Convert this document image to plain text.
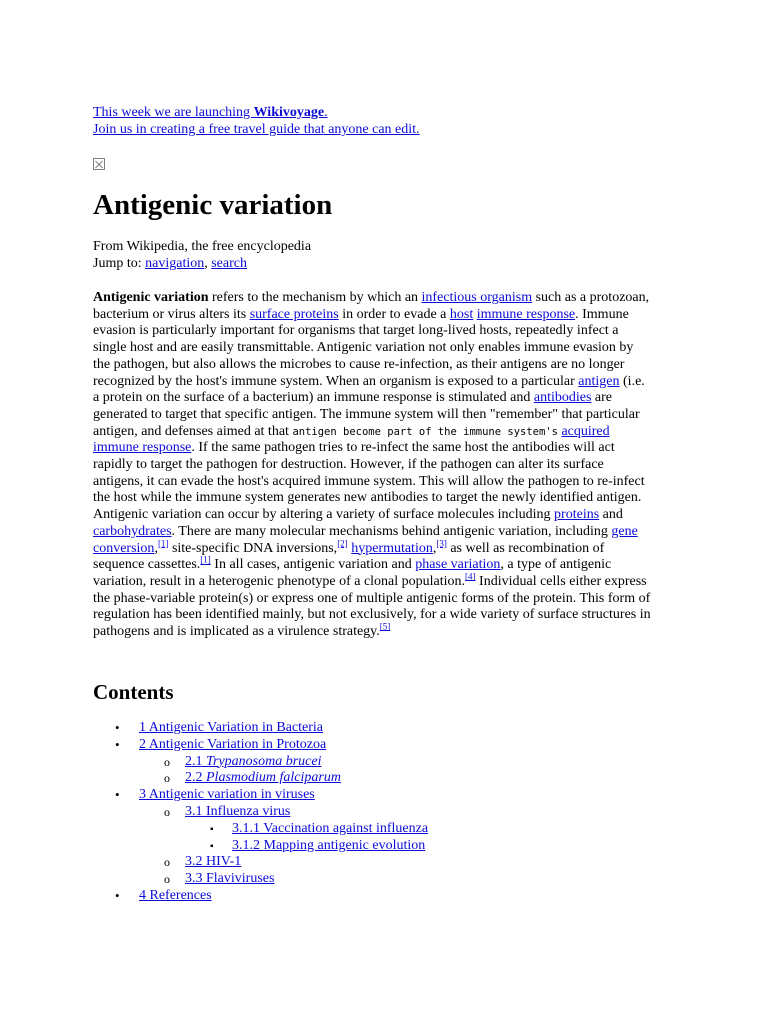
This week we are launching Wikivoyage.
Join us in creating a free travel guide that anyone can edit.
Antigenic variation
From Wikipedia, the free encyclopedia
Jump to: navigation, search

Antigenic variation refers to the mechanism by which an infectious organism such as a protozoan, bacterium or virus alters its surface proteins in order to evade a host immune response. Immune evasion is particularly important for organisms that target long-lived hosts, repeatedly infect a single host and are easily transmittable. Antigenic variation not only enables immune evasion by the pathogen, but also allows the microbes to cause re-infection, as their antigens are no longer recognized by the host's immune system. When an organism is exposed to a particular antigen (i.e. a protein on the surface of a bacterium) an immune response is stimulated and antibodies are generated to target that specific antigen. The immune system will then "remember" that particular antigen, and defenses aimed at that antigen become part of the immune system's acquired immune response. If the same pathogen tries to re-infect the same host the antibodies will act rapidly to target the pathogen for destruction. However, if the pathogen can alter its surface antigens, it can evade the host's acquired immune system. This will allow the pathogen to re-infect the host while the immune system generates new antibodies to target the newly identified antigen. Antigenic variation can occur by altering a variety of surface molecules including proteins and carbohydrates. There are many molecular mechanisms behind antigenic variation, including gene conversion,[1] site-specific DNA inversions,[2] hypermutation,[3] as well as recombination of sequence cassettes.[1] In all cases, antigenic variation and phase variation, a type of antigenic variation, result in a heterogenic phenotype of a clonal population.[4] Individual cells either express the phase-variable protein(s) or express one of multiple antigenic forms of the protein. This form of regulation has been identified mainly, but not exclusively, for a wide variety of surface structures in pathogens and is implicated as a virulence strategy.[5]

Contents
•
1 Antigenic Variation in Bacteria
•
2 Antigenic Variation in Protozoa
o
2.1 Trypanosoma brucei
o
2.2 Plasmodium falciparum
•
3 Antigenic variation in viruses
o
3.1 Influenza virus
▪
3.1.1 Vaccination against influenza
▪
3.1.2 Mapping antigenic evolution
o
3.2 HIV-1
o
3.3 Flaviviruses
•
4 References
